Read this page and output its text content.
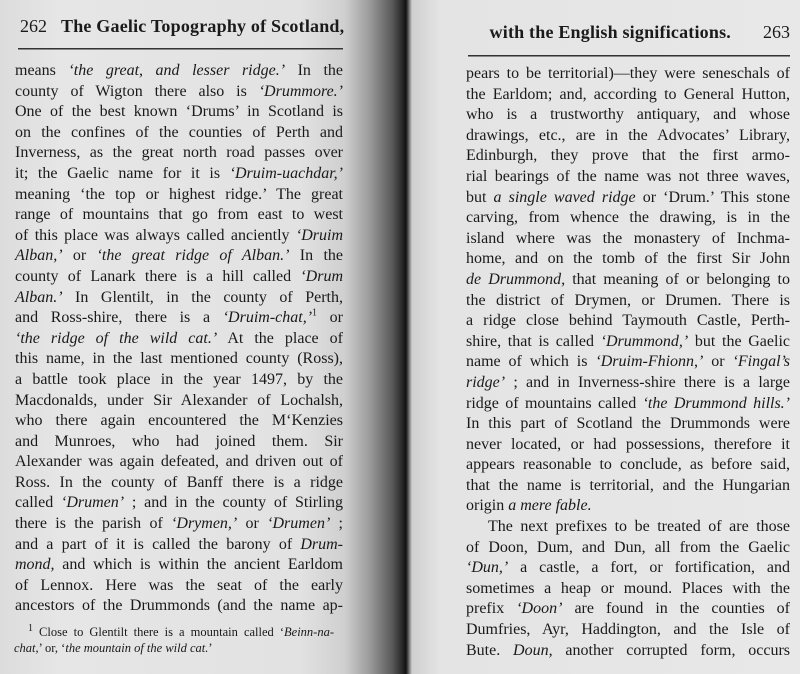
262 The Gaelic Topography of Scotland,
means ‘the great, and lesser ridge.’ In the
county of Wigton there also is ‘Drummore.’
One of the best known ‘Drums’ in Scotland is
on the confines of the counties of Perth and
Inverness, as the great north road passes over
it; the Gaelic name for it is ‘Druim-uachdar,’
meaning ‘the top or highest ridge.’ The great
range of mountains that go from east to west
of this place was always called anciently ‘Druim
Alban,’ or ‘the great ridge of Alban.’ In the
county of Lanark there is a hill called ‘Drum
Alban.’ In Glentilt, in the county of Perth,
and Ross-shire, there is a ‘Druim-chat,’$^1$ or
‘the ridge of the wild cat.’ At the place of
this name, in the last mentioned county (Ross),
a battle took place in the year 1497, by the
Macdonalds, under Sir Alexander of Lochalsh,
who there again encountered the M‘Kenzies
and Munroes, who had joined them. Sir
Alexander was again defeated, and driven out of
Ross. In the county of Banff there is a ridge
called ‘Drumen’ ; and in the county of Stirling
there is the parish of ‘Drymen,’ or ‘Drumen’ ;
and a part of it is called the barony of Drum-
mond, and which is within the ancient Earldom
of Lennox. Here was the seat of the early
ancestors of the Drummonds (and the name ap-
$^1$ Close to Glentilt there is a mountain called ‘Beinn-na-
chat,’ or, ‘the mountain of the wild cat.’
with the English significations. 263
pears to be territorial)—they were seneschals of
the Earldom; and, according to General Hutton,
who is a trustworthy antiquary, and whose
drawings, etc., are in the Advocates’ Library,
Edinburgh, they prove that the first armo-
rial bearings of the name was not three waves,
but a single waved ridge or ‘Drum.’ This stone
carving, from whence the drawing, is in the
island where was the monastery of Inchma-
home, and on the tomb of the first Sir John
de Drummond, that meaning of or belonging to
the district of Drymen, or Drumen. There is
a ridge close behind Taymouth Castle, Perth-
shire, that is called ‘Drummond,’ but the Gaelic
name of which is ‘Druim-Fhionn,’ or ‘Fingal’s
ridge’ ; and in Inverness-shire there is a large
ridge of mountains called ‘the Drummond hills.’
In this part of Scotland the Drummonds were
never located, or had possessions, therefore it
appears reasonable to conclude, as before said,
that the name is territorial, and the Hungarian
origin a mere fable.
The next prefixes to be treated of are those
of Doon, Dum, and Dun, all from the Gaelic
‘Dun,’ a castle, a fort, or fortification, and
sometimes a heap or mound. Places with the
prefix ‘Doon’ are found in the counties of
Dumfries, Ayr, Haddington, and the Isle of
Bute. Doun, another corrupted form, occurs
